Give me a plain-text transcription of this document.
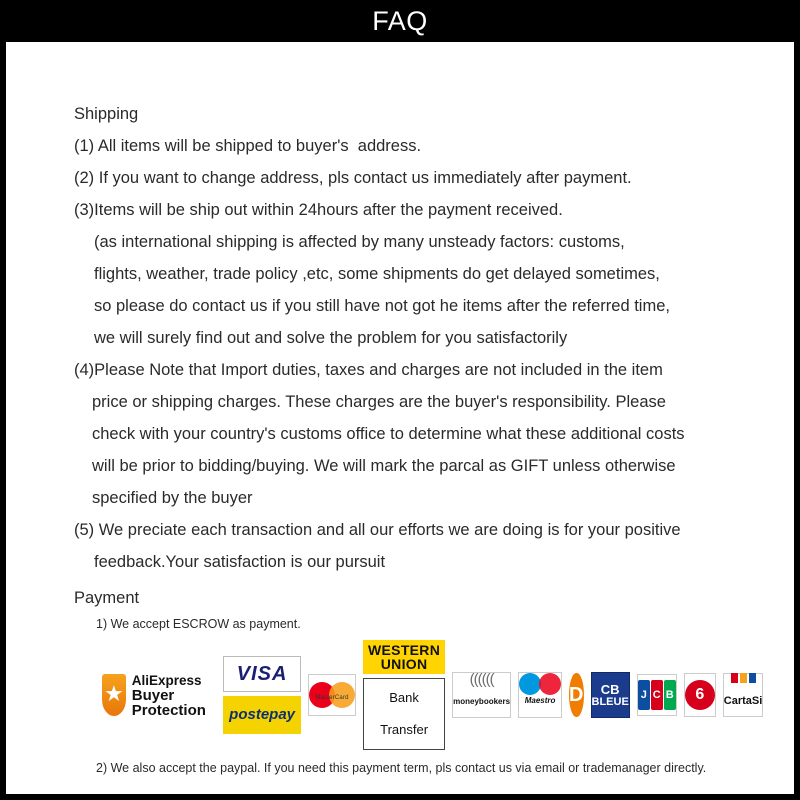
FAQ
Shipping
(1) All items will be shipped to buyer's  address.
(2) If you want to change address, pls contact us immediately after payment.
(3)Items will be ship out within 24hours after the payment received.
(as international shipping is affected by many unsteady factors: customs,
flights, weather, trade policy ,etc, some shipments do get delayed sometimes,
so please do contact us if you still have not got he items after the referred time,
we will surely find out and solve the problem for you satisfactorily
(4)Please Note that Import duties, taxes and charges are not included in the item
price or shipping charges. These charges are the buyer's responsibility. Please
check with your country's customs office to determine what these additional costs
will be prior to bidding/buying. We will mark the parcal as GIFT unless otherwise
specified by the buyer
(5) We preciate each transaction and all our efforts we are doing is for your positive
feedback.Your satisfaction is our pursuit
Payment
1) We accept ESCROW as payment.
★
AliExpress
Buyer Protection
VISA
postepay
MasterCard
WESTERN
UNION
Bank Transfer
((((((
moneybookers Maestro D CB
BLEUE
J C B	6	CartaSi
2) We also accept the paypal. If you need this payment term, pls contact us via email or trademanager directly.
